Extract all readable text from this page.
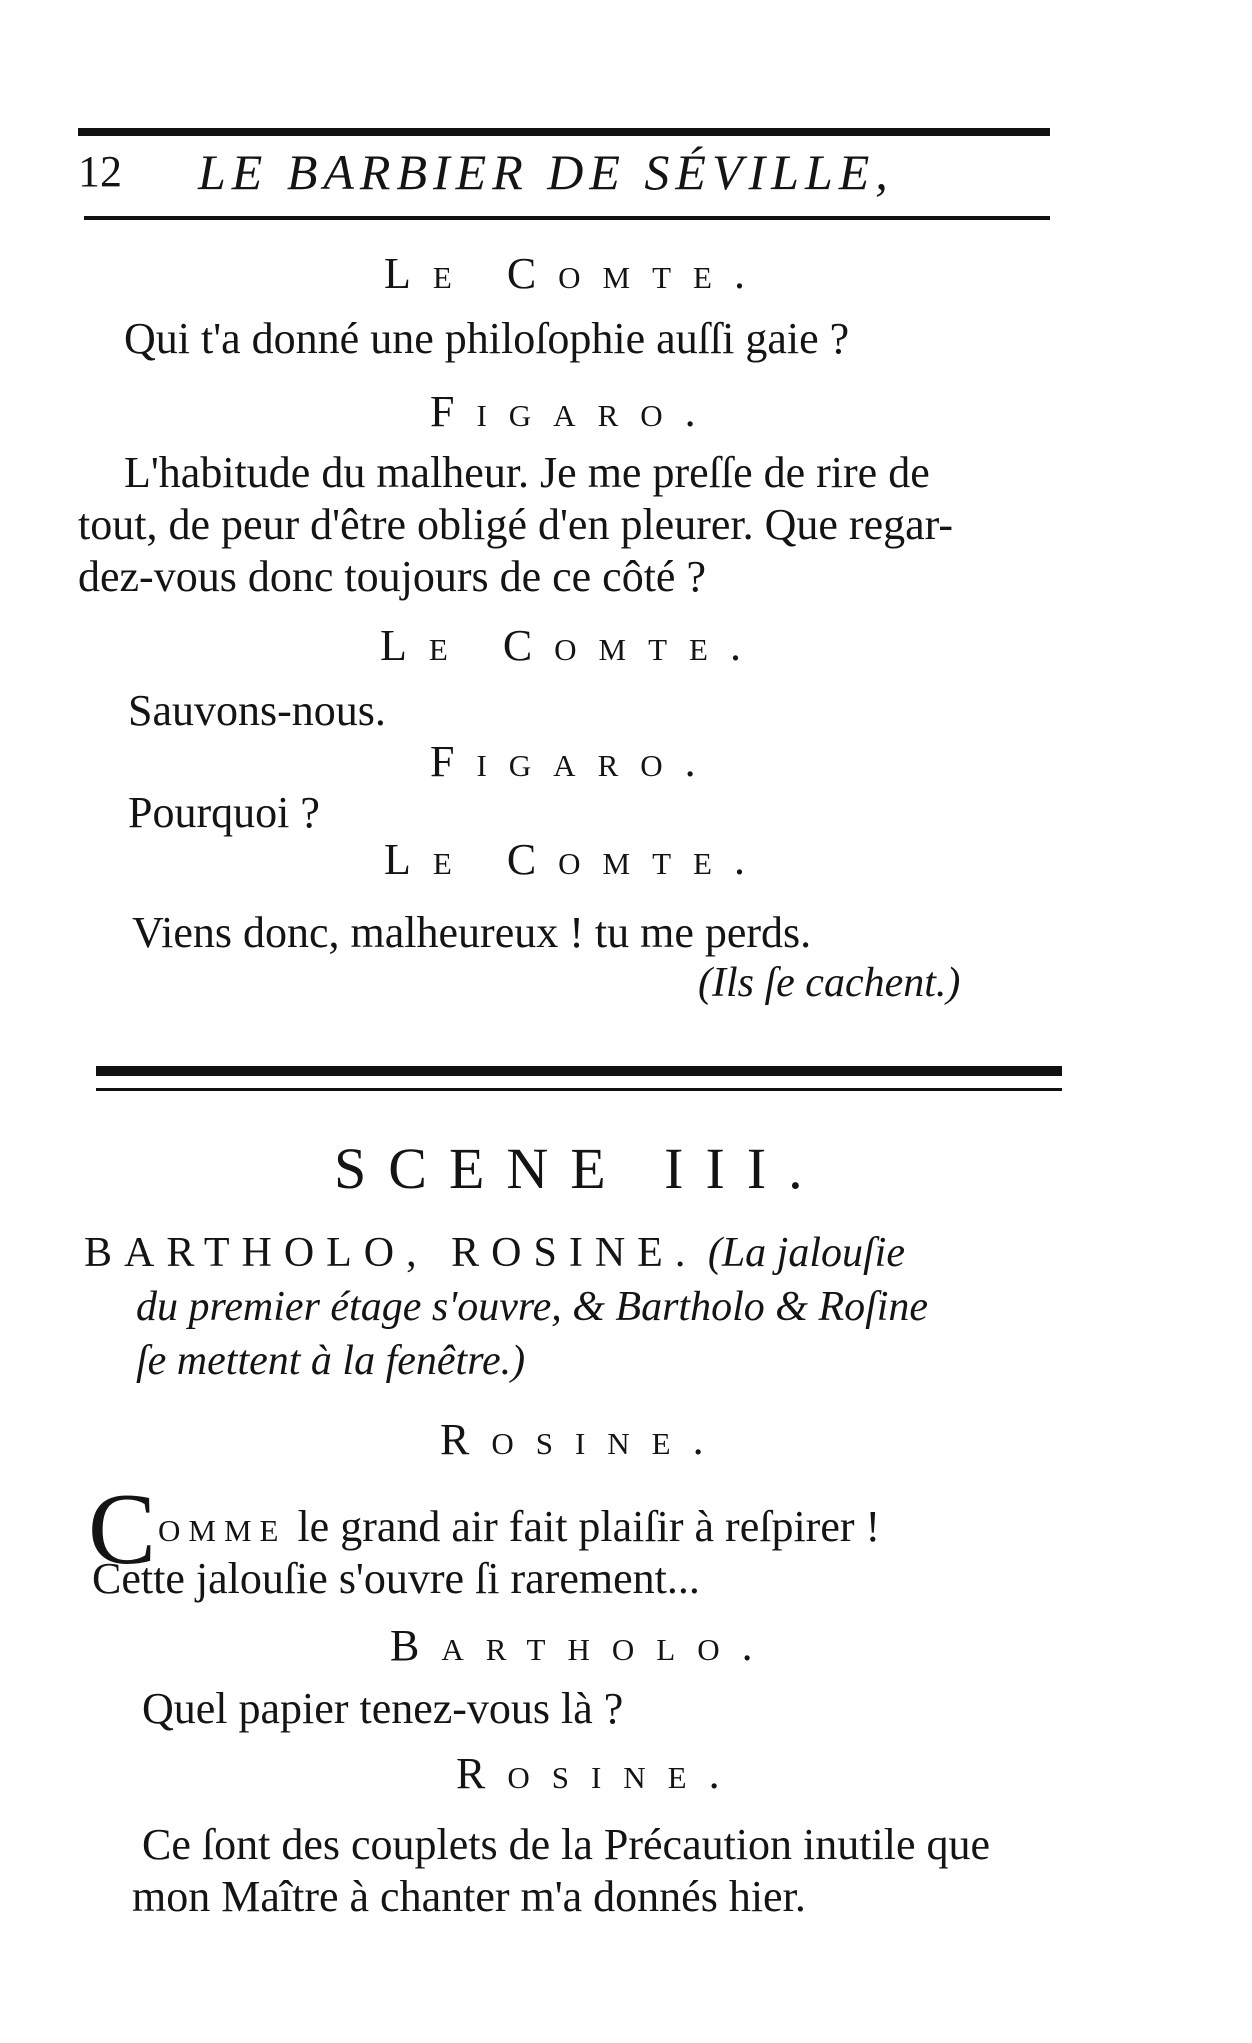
12 LE BARBIER DE SÉVILLE,
Le Comte.
Qui t'a donné une philoſophie auſſi gaie ?
Figaro.
L'habitude du malheur. Je me preſſe de rire de
tout, de peur d'être obligé d'en pleurer. Que regar-
dez-vous donc toujours de ce côté ?
Le Comte.
Sauvons-nous.
Figaro.
Pourquoi ?
Le Comte.
Viens donc, malheureux ! tu me perds.
(Ils ſe cachent.)
SCENE III.
BARTHOLO, ROSINE. (La jalouſie
du premier étage s'ouvre, & Bartholo & Roſine
ſe mettent à la fenêtre.)
Rosine.
C omme le grand air fait plaiſir à reſpirer !
Cette jalouſie s'ouvre ſi rarement...
Bartholo.
Quel papier tenez-vous là ?
Rosine.
Ce ſont des couplets de la Précaution inutile que
mon Maître à chanter m'a donnés hier.
